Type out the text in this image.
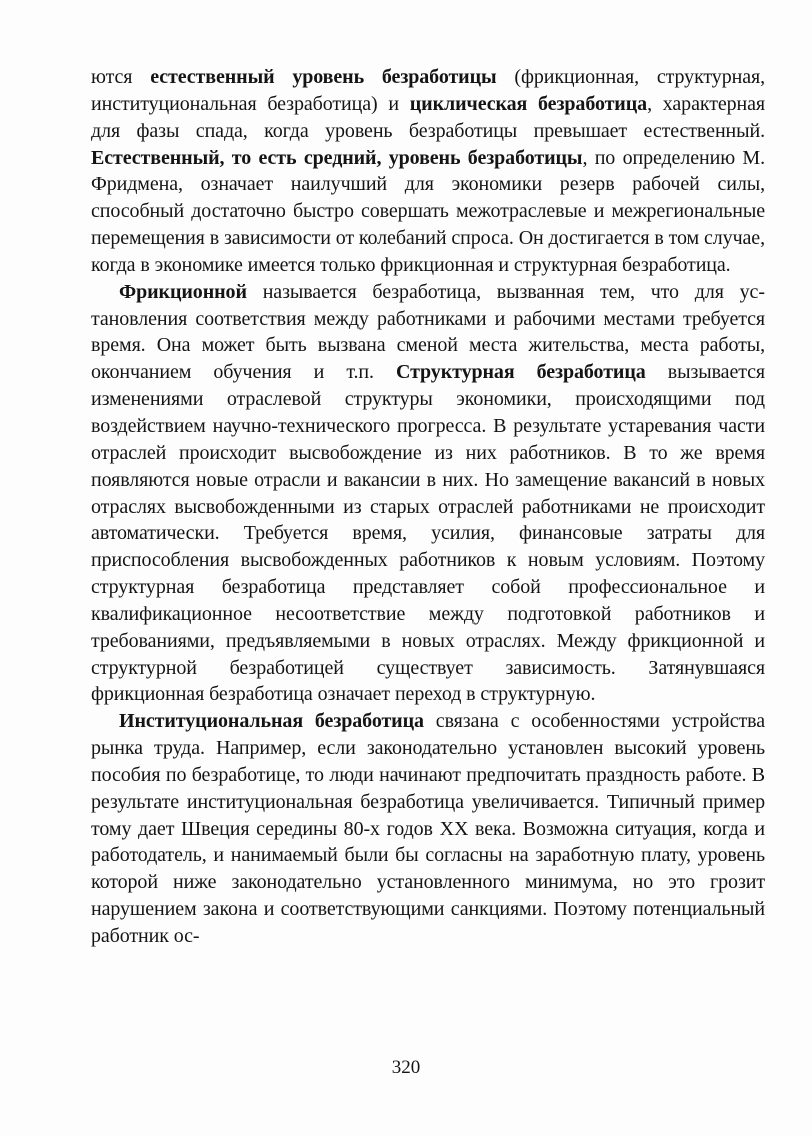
ются естественный уровень безработицы (фрикционная, структурная, институциональная безработица) и циклическая безработица, характерная для фазы спада, когда уровень безработицы превышает естественный. Естественный, то есть средний, уровень безработицы, по определению М. Фридмена, означает наилучший для экономики резерв рабочей силы, способный достаточно быстро совершать межотраслевые и межрегиональные перемещения в зависимости от колебаний спроса. Он достигается в том случае, когда в экономике имеется только фрикционная и структурная безработица.

Фрикционной называется безработица, вызванная тем, что для установления соответствия между работниками и рабочими местами требуется время. Она может быть вызвана сменой места жительства, места работы, окончанием обучения и т.п. Структурная безработица вызывается изменениями отраслевой структуры экономики, происходящими под воздействием научно-технического прогресса. В результате устаревания части отраслей происходит высвобождение из них работников. В то же время появляются новые отрасли и вакансии в них. Но замещение вакансий в новых отраслях высвобожденными из старых отраслей работниками не происходит автоматически. Требуется время, усилия, финансовые затраты для приспособления высвобожденных работников к новым условиям. Поэтому структурная безработица представляет собой профессиональное и квалификационное несоответствие между подготовкой работников и требованиями, предъявляемыми в новых отраслях. Между фрикционной и структурной безработицей существует зависимость. Затянувшаяся фрикционная безработица означает переход в структурную.

Институциональная безработица связана с особенностями устройства рынка труда. Например, если законодательно установлен высокий уровень пособия по безработице, то люди начинают предпочитать праздность работе. В результате институциональная безработица увеличивается. Типичный пример тому дает Швеция середины 80-х годов XX века. Возможна ситуация, когда и работодатель, и нанимаемый были бы согласны на заработную плату, уровень которой ниже законодательно установленного минимума, но это грозит нарушением закона и соответствующими санкциями. Поэтому потенциальный работник ос-

320
